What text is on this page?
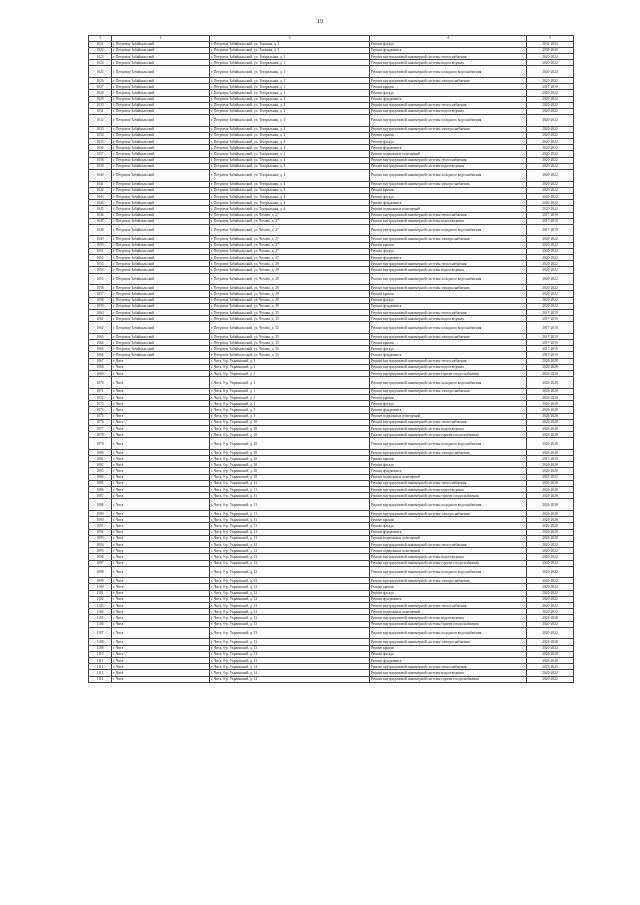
19
1	2	3	4	5
1021	г. Петровск-Забайкальский	г. Петровск-Забайкальский, ул. Таежная, д. 3	Ремонт фасада	2032-2034
1022	г. Петровск-Забайкальский	г. Петровск-Забайкальский, ул. Таежная, д. 3	Ремонт фундамента	2038-2040
1023	г. Петровск-Забайкальский	г. Петровск-Забайкальский, ул. Театральная, д. 1	Ремонт внутридомовой инженерной системы теплоснабжения	2020-2022
1024	г. Петровск-Забайкальский	г. Петровск-Забайкальский, ул. Театральная, д. 1	Ремонт внутридомовой инженерной системы водоотведения	2020-2022
1025	г. Петровск-Забайкальский	г. Петровск-Забайкальский, ул. Театральная, д. 1	Ремонт внутридомовой инженерной системы холодного водоснабжения	2020-2022
1026	г. Петровск-Забайкальский	г. Петровск-Забайкальский, ул. Театральная, д. 1	Ремонт внутридомовой инженерной системы электроснабжения	2020-2022
1027	г. Петровск-Забайкальский	г. Петровск-Забайкальский, ул. Театральная, д. 1	Ремонт крыши	2017-2019
1028	г. Петровск-Забайкальский	г. Петровск-Забайкальский, ул. Театральная, д. 1	Ремонт фасада	2020-2022
1029	г. Петровск-Забайкальский	г. Петровск-Забайкальский, ул. Театральная, д. 1	Ремонт фундамента	2020-2022
1030	г. Петровск-Забайкальский	г. Петровск-Забайкальский, ул. Театральная, д. 2	Ремонт внутридомовой инженерной системы теплоснабжения	2020-2022
1031	г. Петровск-Забайкальский	г. Петровск-Забайкальский, ул. Театральная, д. 2	Ремонт внутридомовой инженерной системы водоотведения	2020-2022
1032	г. Петровск-Забайкальский	г. Петровск-Забайкальский, ул. Театральная, д. 2	Ремонт внутридомовой инженерной системы холодного водоснабжения	2020-2022
1033	г. Петровск-Забайкальский	г. Петровск-Забайкальский, ул. Театральная, д. 2	Ремонт внутридомовой инженерной системы электроснабжения	2020-2022
1034	г. Петровск-Забайкальский	г. Петровск-Забайкальский, ул. Театральная, д. 2	Ремонт крыши	2020-2022
1035	г. Петровск-Забайкальский	г. Петровск-Забайкальский, ул. Театральная, д. 2	Ремонт фасада	2020-2022
1036	г. Петровск-Забайкальский	г. Петровск-Забайкальский, ул. Театральная, д. 2	Ремонт фундамента	2020-2022
1037	г. Петровск-Забайкальский	г. Петровск-Забайкальский, ул. Театральная, д. 2	Ремонт подвальных помещений	2020-2022
1038	г. Петровск-Забайкальский	г. Петровск-Забайкальский, ул. Театральная, д. 4	Ремонт внутридомовой инженерной системы теплоснабжения	2020-2022
1039	г. Петровск-Забайкальский	г. Петровск-Забайкальский, ул. Театральная, д. 4	Ремонт внутридомовой инженерной системы водоотведения	2020-2022
1040	г. Петровск-Забайкальский	г. Петровск-Забайкальский, ул. Театральная, д. 4	Ремонт внутридомовой инженерной системы холодного водоснабжения	2020-2022
1041	г. Петровск-Забайкальский	г. Петровск-Забайкальский, ул. Театральная, д. 4	Ремонт внутридомовой инженерной системы электроснабжения	2020-2022
1042	г. Петровск-Забайкальский	г. Петровск-Забайкальский, ул. Театральная, д. 4	Ремонт крыши	2020-2022
1043	г. Петровск-Забайкальский	г. Петровск-Забайкальский, ул. Театральная, д. 4	Ремонт фасада	2020-2022
1044	г. Петровск-Забайкальский	г. Петровск-Забайкальский, ул. Театральная, д. 4	Ремонт фундамента	2020-2022
1045	г. Петровск-Забайкальский	г. Петровск-Забайкальский, ул. Театральная, д. 4	Ремонт подвальных помещений	2020-2022
1046	г. Петровск-Забайкальский	г. Петровск-Забайкальский, ул. Чехова, д. 27	Ремонт внутридомовой инженерной системы теплоснабжения	2017-2019
1047	г. Петровск-Забайкальский	г. Петровск-Забайкальский, ул. Чехова, д. 27	Ремонт внутридомовой инженерной системы водоотведения	2017-2019
1048	г. Петровск-Забайкальский	г. Петровск-Забайкальский, ул. Чехова, д. 27	Ремонт внутридомовой инженерной системы холодного водоснабжения	2017-2019
1049	г. Петровск-Забайкальский	г. Петровск-Забайкальский, ул. Чехова, д. 27	Ремонт внутридомовой инженерной системы электроснабжения	2020-2022
1050	г. Петровск-Забайкальский	г. Петровск-Забайкальский, ул. Чехова, д. 27	Ремонт крыши	2020-2022
1051	г. Петровск-Забайкальский	г. Петровск-Забайкальский, ул. Чехова, д. 27	Ремонт фасада	2020-2022
1052	г. Петровск-Забайкальский	г. Петровск-Забайкальский, ул. Чехова, д. 27	Ремонт фундамента	2020-2022
1053	г. Петровск-Забайкальский	г. Петровск-Забайкальский, ул. Чехова, д. 28	Ремонт внутридомовой инженерной системы теплоснабжения	2020-2022
1054	г. Петровск-Забайкальский	г. Петровск-Забайкальский, ул. Чехова, д. 28	Ремонт внутридомовой инженерной системы водоотведения	2020-2022
1055	г. Петровск-Забайкальский	г. Петровск-Забайкальский, ул. Чехова, д. 28	Ремонт внутридомовой инженерной системы холодного водоснабжения	2020-2022
1056	г. Петровск-Забайкальский	г. Петровск-Забайкальский, ул. Чехова, д. 28	Ремонт внутридомовой инженерной системы электроснабжения	2020-2022
1057	г. Петровск-Забайкальский	г. Петровск-Забайкальский, ул. Чехова, д. 28	Ремонт крыши	2020-2022
1058	г. Петровск-Забайкальский	г. Петровск-Забайкальский, ул. Чехова, д. 28	Ремонт фасада	2020-2022
1059	г. Петровск-Забайкальский	г. Петровск-Забайкальский, ул. Чехова, д. 28	Ремонт фундамента	2020-2022
1060	г. Петровск-Забайкальский	г. Петровск-Забайкальский, ул. Чехова, д. 35	Ремонт внутридомовой инженерной системы теплоснабжения	2017-2019
1061	г. Петровск-Забайкальский	г. Петровск-Забайкальский, ул. Чехова, д. 35	Ремонт внутридомовой инженерной системы водоотведения	2017-2019
1062	г. Петровск-Забайкальский	г. Петровск-Забайкальский, ул. Чехова, д. 35	Ремонт внутридомовой инженерной системы холодного водоснабжения	2017-2019
1063	г. Петровск-Забайкальский	г. Петровск-Забайкальский, ул. Чехова, д. 35	Ремонт внутридомовой инженерной системы электроснабжения	2017-2019
1064	г. Петровск-Забайкальский	г. Петровск-Забайкальский, ул. Чехова, д. 35	Ремонт крыши	2017-2019
1065	г. Петровск-Забайкальский	г. Петровск-Забайкальский, ул. Чехова, д. 35	Ремонт фасада	2017-2019
1066	г. Петровск-Забайкальский	г. Петровск-Забайкальский, ул. Чехова, д. 35	Ремонт фундамента	2017-2019
1067	г. Чита	г. Чита, б-р. Украинский, д. 1	Ремонт внутридомовой инженерной системы теплоснабжения	2026-2028
1068	г. Чита	г. Чита, б-р. Украинский, д. 1	Ремонт внутридомовой инженерной системы водоотведения	2026-2028
1069	г. Чита	г. Чита, б-р. Украинский, д. 1	Ремонт внутридомовой инженерной системы горячего водоснабжения	2026-2028
1070	г. Чита	г. Чита, б-р. Украинский, д. 1	Ремонт внутридомовой инженерной системы холодного водоснабжения	2026-2028
1071	г. Чита	г. Чита, б-р. Украинский, д. 1	Ремонт внутридомовой инженерной системы электроснабжения	2026-2028
1072	г. Чита	г. Чита, б-р. Украинский, д. 1	Ремонт крыши	2026-2028
1073	г. Чита	г. Чита, б-р. Украинский, д. 1	Ремонт фасада	2026-2028
1074	г. Чита	г. Чита, б-р. Украинский, д. 1	Ремонт фундамента	2026-2028
1075	г. Чита	г. Чита, б-р. Украинский, д. 1	Ремонт подвальных помещений	2026-2028
1076	г. Чита	г. Чита, б-р. Украинский, д. 10	Ремонт внутридомовой инженерной системы теплоснабжения	2026-2028
1077	г. Чита	г. Чита, б-р. Украинский, д. 10	Ремонт внутридомовой инженерной системы водоотведения	2026-2028
1078	г. Чита	г. Чита, б-р. Украинский, д. 10	Ремонт внутридомовой инженерной системы горячего водоснабжения	2026-2028
1079	г. Чита	г. Чита, б-р. Украинский, д. 10	Ремонт внутридомовой инженерной системы холодного водоснабжения	2026-2028
1080	г. Чита	г. Чита, б-р. Украинский, д. 10	Ремонт внутридомовой инженерной системы электроснабжения	2026-2028
1081	г. Чита	г. Чита, б-р. Украинский, д. 10	Ремонт крыши	2017-2019
1082	г. Чита	г. Чита, б-р. Украинский, д. 10	Ремонт фасада	2026-2028
1083	г. Чита	г. Чита, б-р. Украинский, д. 10	Ремонт фундамента	2026-2028
1084	г. Чита	г. Чита, б-р. Украинский, д. 10	Ремонт подвальных помещений	2023-2025
1085	г. Чита	г. Чита, б-р. Украинский, д. 11	Ремонт внутридомовой инженерной системы теплоснабжения	2026-2028
1086	г. Чита	г. Чита, б-р. Украинский, д. 11	Ремонт внутридомовой инженерной системы водоотведения	2026-2028
1087	г. Чита	г. Чита, б-р. Украинский, д. 11	Ремонт внутридомовой инженерной системы горячего водоснабжения	2026-2028
1088	г. Чита	г. Чита, б-р. Украинский, д. 11	Ремонт внутридомовой инженерной системы холодного водоснабжения	2026-2028
1089	г. Чита	г. Чита, б-р. Украинский, д. 11	Ремонт внутридомовой инженерной системы электроснабжения	2026-2028
1090	г. Чита	г. Чита, б-р. Украинский, д. 11	Ремонт крыши	2026-2028
1091	г. Чита	г. Чита, б-р. Украинский, д. 11	Ремонт фасада	2026-2028
1092	г. Чита	г. Чита, б-р. Украинский, д. 11	Ремонт фундамента	2026-2028
1093	г. Чита	г. Чита, б-р. Украинский, д. 11	Ремонт подвальных помещений	2026-2028
1094	г. Чита	г. Чита, б-р. Украинский, д. 12	Ремонт внутридомовой инженерной системы теплоснабжения	2020-2022
1095	г. Чита	г. Чита, б-р. Украинский, д. 12	Ремонт подвальных помещений	2020-2022
1096	г. Чита	г. Чита, б-р. Украинский, д. 12	Ремонт внутридомовой инженерной системы водоотведения	2020-2022
1097	г. Чита	г. Чита, б-р. Украинский, д. 12	Ремонт внутридомовой инженерной системы горячего водоснабжения	2020-2022
1098	г. Чита	г. Чита, б-р. Украинский, д. 12	Ремонт внутридомовой инженерной системы холодного водоснабжения	2020-2022
1099	г. Чита	г. Чита, б-р. Украинский, д. 12	Ремонт внутридомовой инженерной системы электроснабжения	2020-2022
1100	г. Чита	г. Чита, б-р. Украинский, д. 12	Ремонт крыши	2020-2022
1101	г. Чита	г. Чита, б-р. Украинский, д. 12	Ремонт фасада	2020-2022
1102	г. Чита	г. Чита, б-р. Украинский, д. 12	Ремонт фундамента	2020-2022
1103	г. Чита	г. Чита, б-р. Украинский, д. 13	Ремонт внутридомовой инженерной системы теплоснабжения	2020-2022
1104	г. Чита	г. Чита, б-р. Украинский, д. 13	Ремонт подвальных помещений	2020-2022
1105	г. Чита	г. Чита, б-р. Украинский, д. 13	Ремонт внутридомовой инженерной системы водоотведения	2026-2028
1106	г. Чита	г. Чита, б-р. Украинский, д. 13	Ремонт внутридомовой инженерной системы горячего водоснабжения	2020-2022
1107	г. Чита	г. Чита, б-р. Украинский, д. 13	Ремонт внутридомовой инженерной системы холодного водоснабжения	2020-2022
1108	г. Чита	г. Чита, б-р. Украинский, д. 13	Ремонт внутридомовой инженерной системы электроснабжения	2026-2028
1109	г. Чита	г. Чита, б-р. Украинский, д. 13	Ремонт крыши	2020-2022
1110	г. Чита	г. Чита, б-р. Украинский, д. 13	Ремонт фасада	2026-2028
1111	г. Чита	г. Чита, б-р. Украинский, д. 13	Ремонт фундамента	2026-2028
1112	г. Чита	г. Чита, б-р. Украинский, д. 14	Ремонт внутридомовой инженерной системы теплоснабжения	2023-2025
1113	г. Чита	г. Чита, б-р. Украинский, д. 14	Ремонт внутридомовой инженерной системы водоотведения	2020-2022
1114	г. Чита	г. Чита, б-р. Украинский, д. 14	Ремонт внутридомовой инженерной системы горячего водоснабжения	2020-2022
